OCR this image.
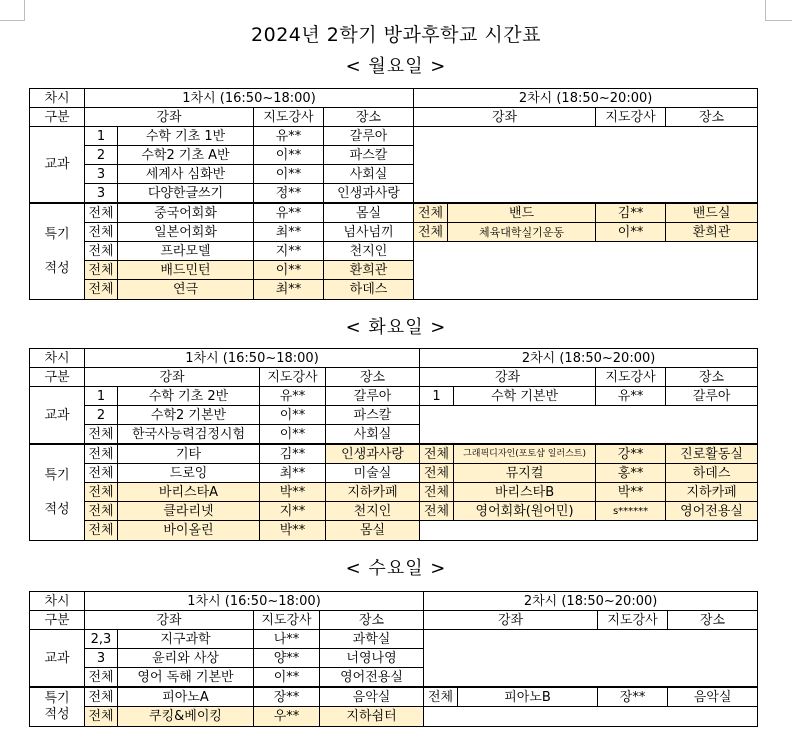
2024년 2학기 방과후학교 시간표
< 월요일 >
차시	1차시 (16:50~18:00)				2차시 (18:50~20:00)			
구분	강좌		지도강사	장소	강좌		지도강사	장소
교과	1	수학 기초 1반	유**	갈루아				
	2	수학2 기초 A반	이**	파스칼				
	3	세계사 심화반	이**	사회실				
	3	다양한글쓰기	정**	인생과사랑				
특기

적성	전체	중국어회화	유**	몸실	전체	밴드	김**	밴드실
	전체	일본어회화	최**	넘사넘끼	전체	체육대학실기운동	이**	환희관
	전체	프라모델	지**	천지인				
	전체	배드민턴	이**	환희관				
	전체	연극	최**	하데스				
< 화요일 >
차시	1차시 (16:50~18:00)				2차시 (18:50~20:00)			
구분	강좌		지도강사	장소	강좌		지도강사	장소
교과	1	수학 기초 2반	유**	갈루아	1	수학 기본반	유**	갈루아
	2	수학2 기본반	이**	파스칼				
	전체	한국사능력검정시험	이**	사회실				
특기

적성	전체	기타	김**	인생과사랑	전체	그래픽디자인(포토샵 일러스트)	강**	진로활동실
	전체	드로잉	최**	미술실	전체	뮤지컬	홍**	하데스
	전체	바리스타A	박**	지하카페	전체	바리스타B	박**	지하카페
	전체	클라리넷	지**	천지인	전체	영어회화(원어민)	s******	영어전용실
	전체	바이올린	박**	몸실				
< 수요일 >
차시	1차시 (16:50~18:00)				2차시 (18:50~20:00)			
구분	강좌		지도강사	장소	강좌		지도강사	장소
교과	2,3	지구과학	나**	과학실				
	3	윤리와 사상	양**	너영나영				
	전체	영어 독해 기본반	이**	영어전용실				
특기
적성	전체	피아노A	장**	음악실	전체	피아노B	장**	음악실
	전체	쿠킹&베이킹	우**	지하쉼터				
